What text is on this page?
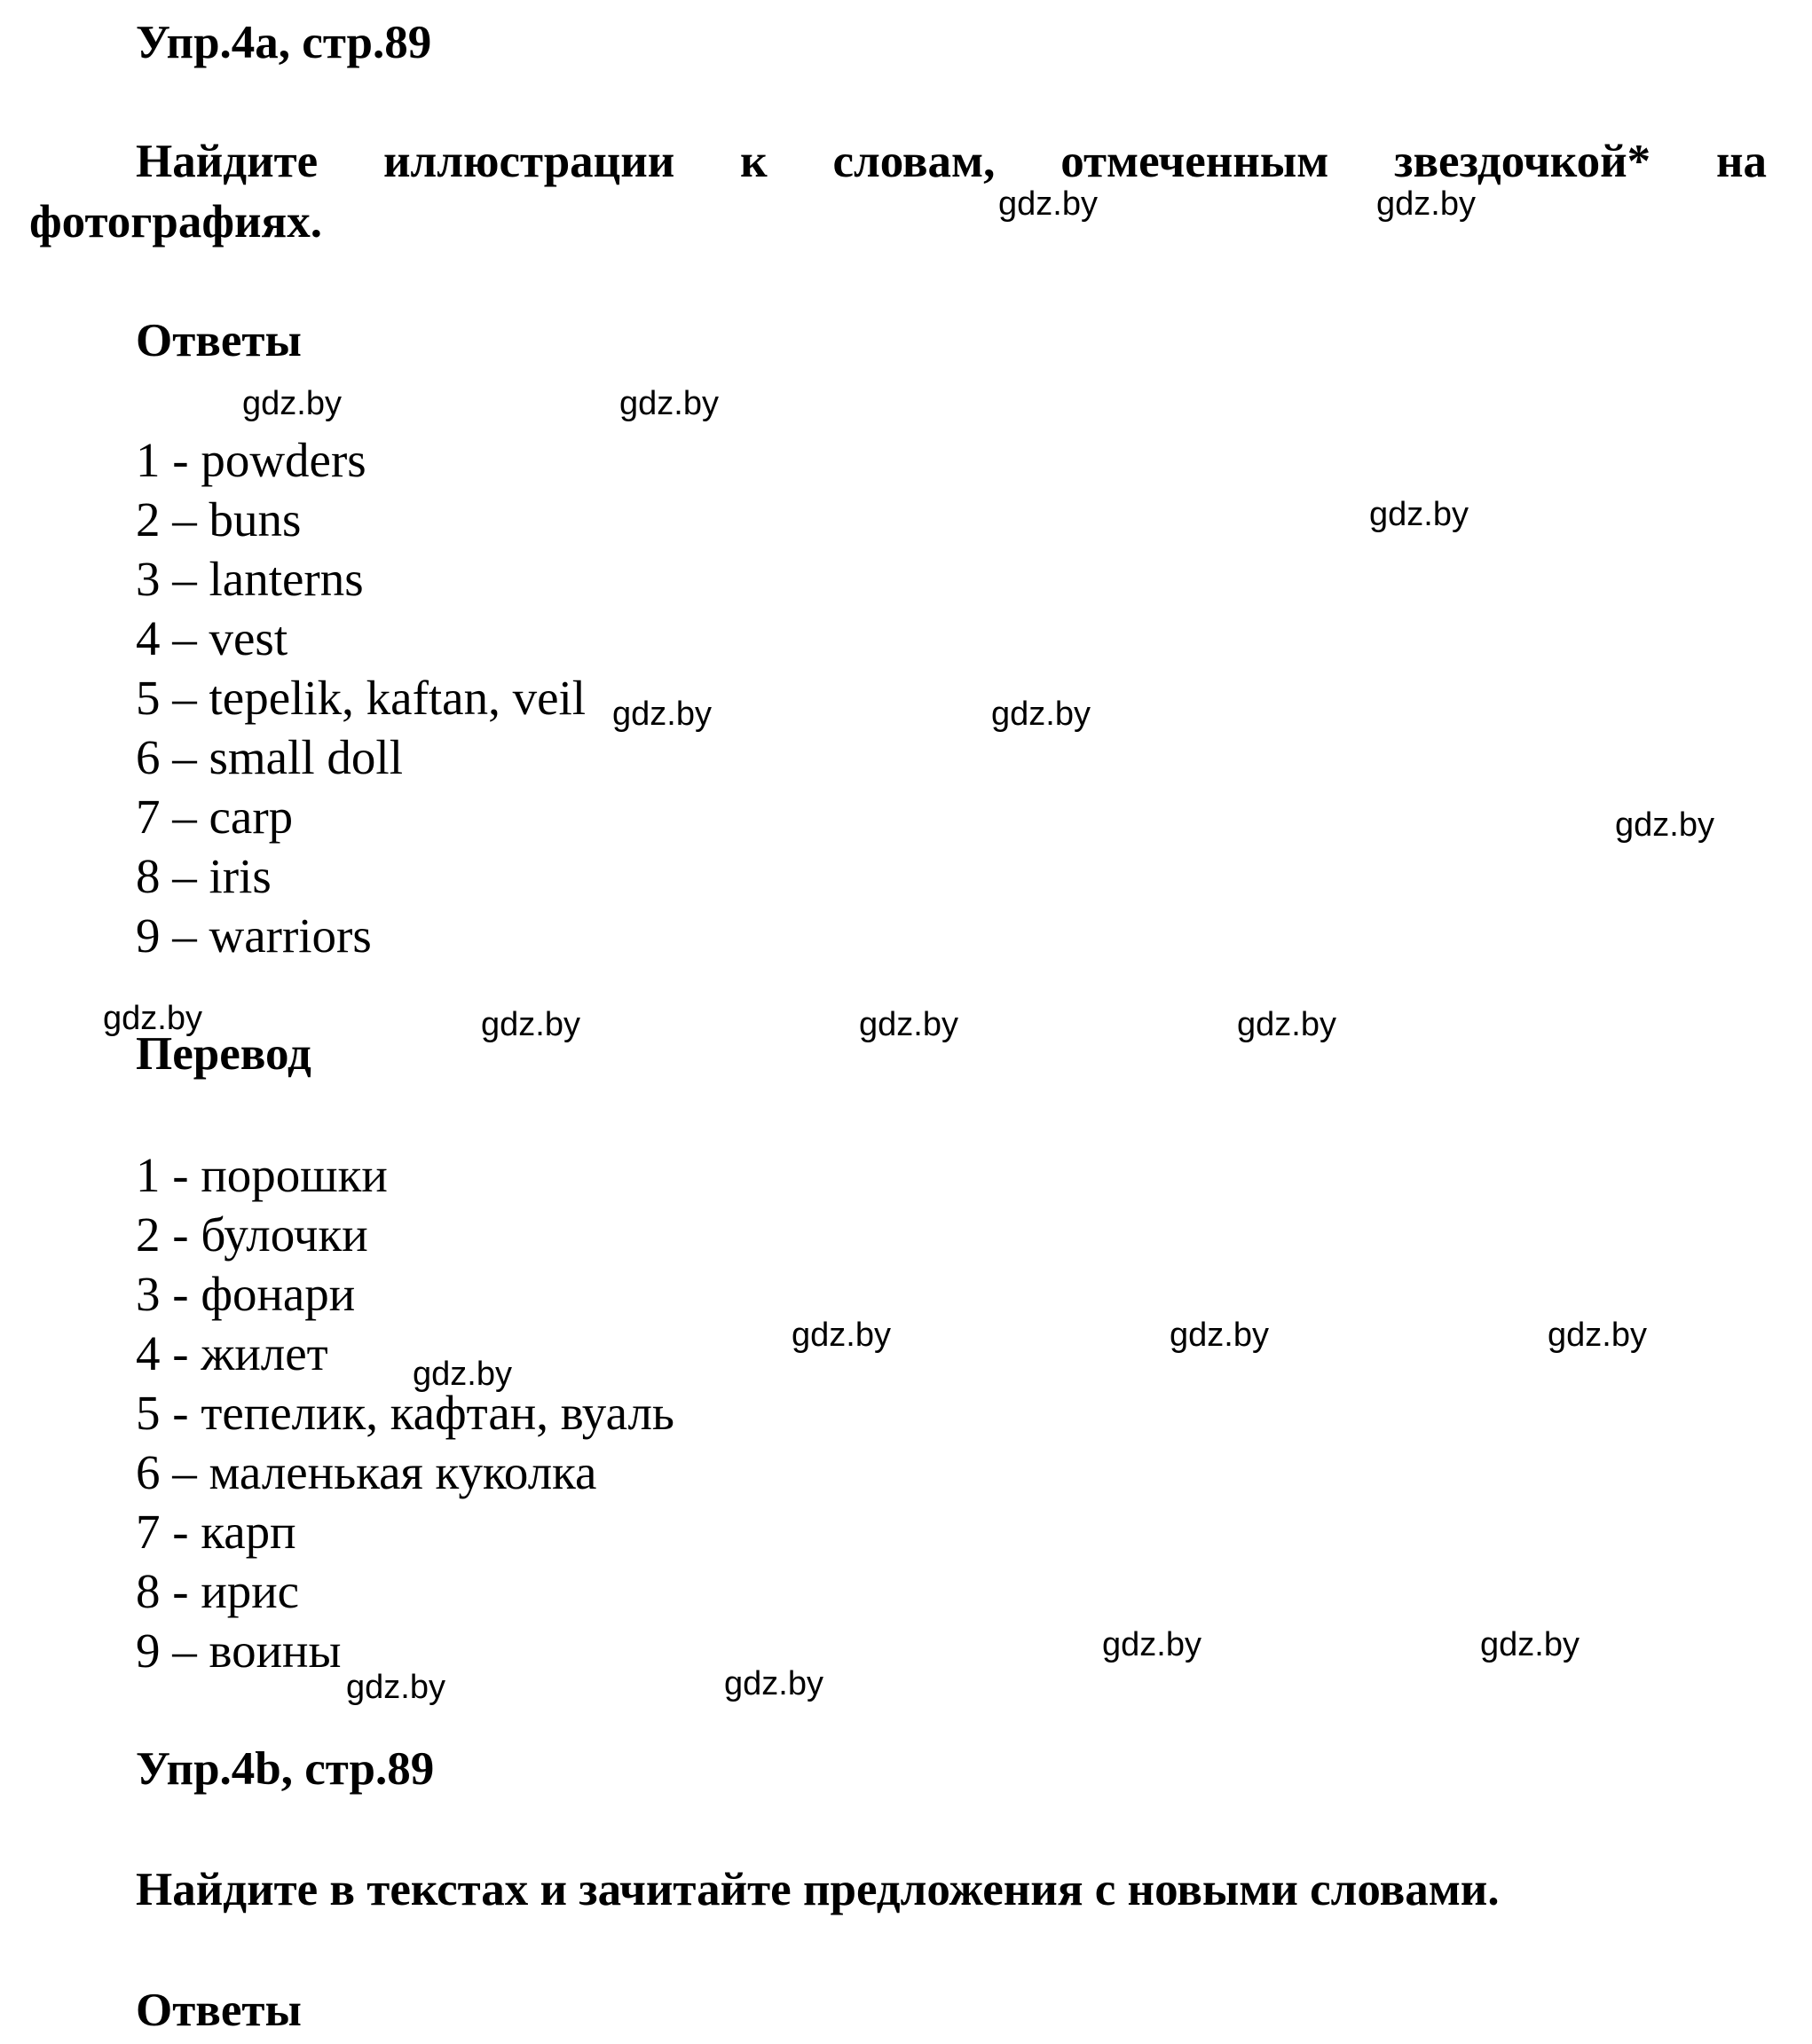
Упр.4a, стр.89
Найдите иллюстрации к словам, отмеченным звездочкой* на
фотографиях.
Ответы
1 - powders
2 – buns
3 – lanterns
4 – vest
5 – tepelik, kaftan, veil
6 – small doll
7 – carp
8 – iris
9 – warriors
Перевод
1 - порошки
2 - булочки
3 - фонари
4 - жилет
5 - тепелик, кафтан, вуаль
6 – маленькая куколка
7 - карп
8 - ирис
9 – воины
Упр.4b, стр.89
Найдите в текстах и зачитайте предложения с новыми словами.
Ответы
gdz.by	gdz.by
gdz.by	gdz.by
gdz.by
gdz.by	gdz.by
gdz.by
gdz.by	gdz.by	gdz.by	gdz.by
gdz.by	gdz.by	gdz.by
gdz.by
gdz.by	gdz.by
gdz.by
gdz.by
